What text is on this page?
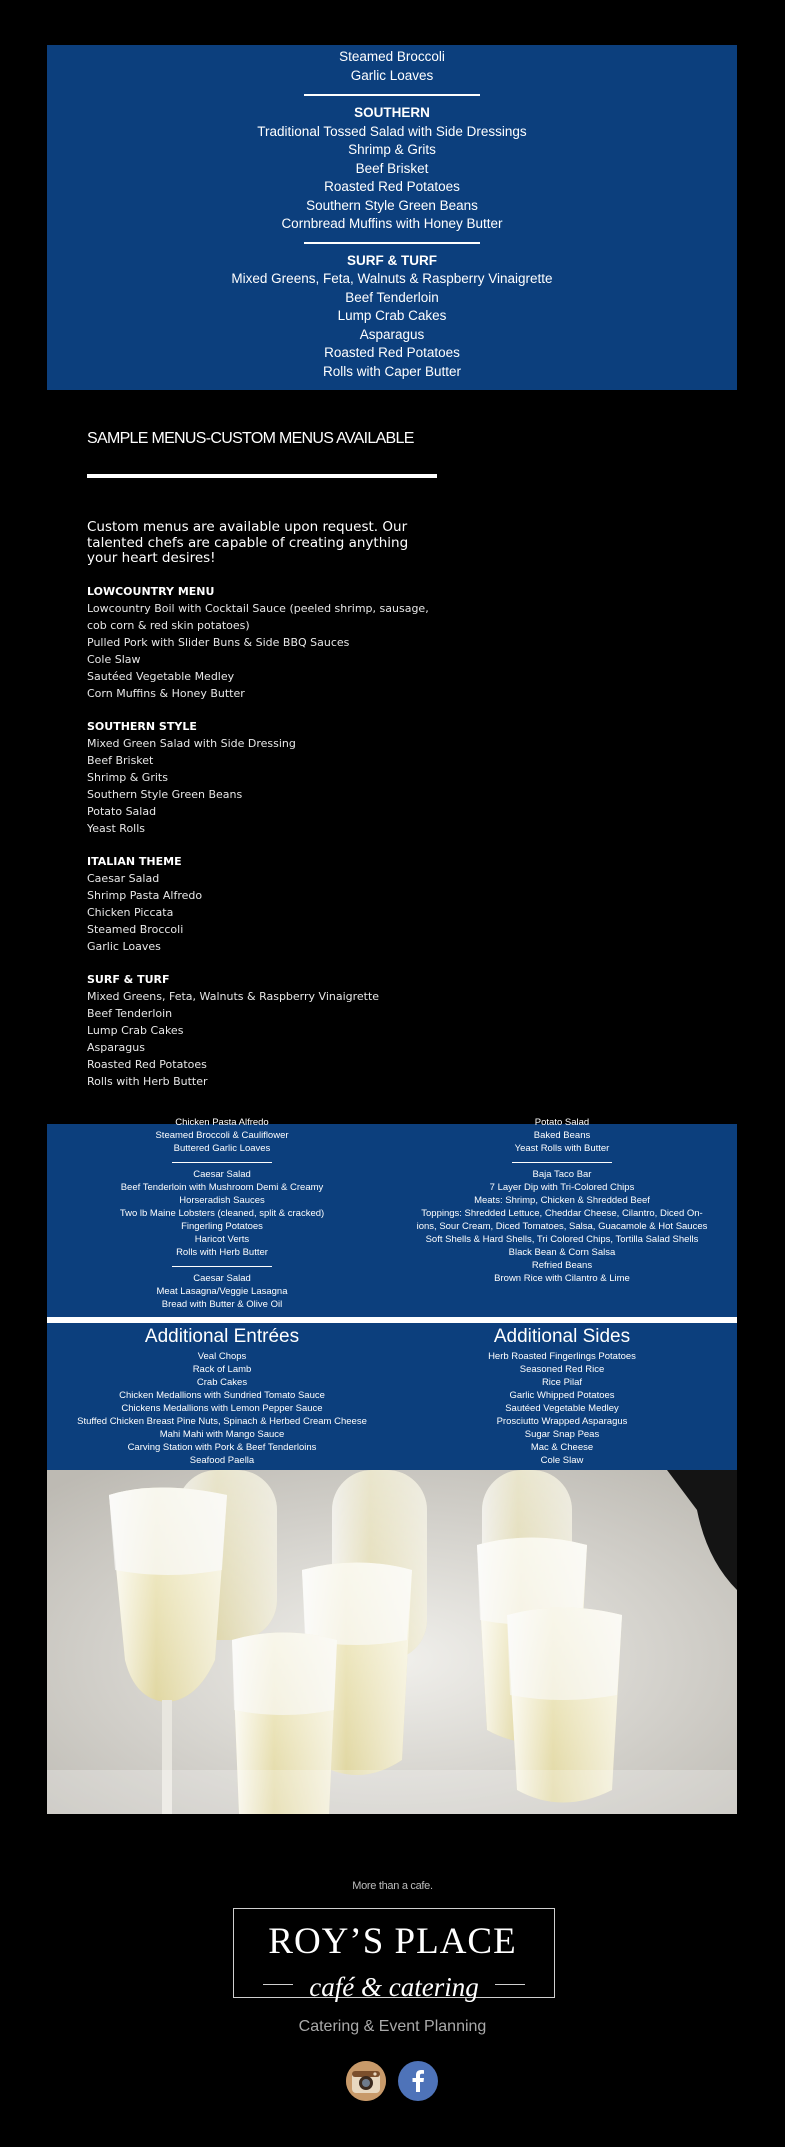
Steamed Broccoli
Garlic Loaves
SOUTHERN
Traditional Tossed Salad with Side Dressings
Shrimp & Grits
Beef Brisket
Roasted Red Potatoes
Southern Style Green Beans
Cornbread Muffins with Honey Butter
SURF & TURF
Mixed Greens, Feta, Walnuts & Raspberry Vinaigrette
Beef Tenderloin
Lump Crab Cakes
Asparagus
Roasted Red Potatoes
Rolls with Caper Butter
SAMPLE MENUS-CUSTOM MENUS AVAILABLE
Custom menus are available upon request. Our talented chefs are capable of creating anything your heart desires!
LOWCOUNTRY MENU
Lowcountry Boil with Cocktail Sauce (peeled shrimp, sausage, cob corn & red skin potatoes)
Pulled Pork with Slider Buns & Side BBQ Sauces
Cole Slaw
Sautéed Vegetable Medley
Corn Muffins & Honey Butter
SOUTHERN STYLE
Mixed Green Salad with Side Dressing
Beef Brisket
Shrimp & Grits
Southern Style Green Beans
Potato Salad
Yeast Rolls
ITALIAN THEME
Caesar Salad
Shrimp Pasta Alfredo
Chicken Piccata
Steamed Broccoli
Garlic Loaves
SURF & TURF
Mixed Greens, Feta, Walnuts & Raspberry Vinaigrette
Beef Tenderloin
Lump Crab Cakes
Asparagus
Roasted Red Potatoes
Rolls with Herb Butter
Chicken Pasta Alfredo
Steamed Broccoli & Cauliflower
Buttered Garlic Loaves
Caesar Salad
Beef Tenderloin with Mushroom Demi & Creamy
Horseradish Sauces
Two lb Maine Lobsters (cleaned, split & cracked)
Fingerling Potatoes
Haricot Verts
Rolls with Herb Butter
Caesar Salad
Meat Lasagna/Veggie Lasagna
Bread with Butter & Olive Oil
Potato Salad
Baked Beans
Yeast Rolls with Butter
Baja Taco Bar
7 Layer Dip with Tri-Colored Chips
Meats: Shrimp, Chicken & Shredded Beef
Toppings: Shredded Lettuce, Cheddar Cheese, Cilantro, Diced On-
ions, Sour Cream, Diced Tomatoes, Salsa, Guacamole & Hot Sauces
Soft Shells & Hard Shells, Tri Colored Chips, Tortilla Salad Shells
Black Bean & Corn Salsa
Refried Beans
Brown Rice with Cilantro & Lime
Additional Entrées
Veal Chops
Rack of Lamb
Crab Cakes
Chicken Medallions with Sundried Tomato Sauce
Chickens Medallions with Lemon Pepper Sauce
Stuffed Chicken Breast Pine Nuts, Spinach & Herbed Cream Cheese
Mahi Mahi with Mango Sauce
Carving Station with Pork & Beef Tenderloins
Seafood Paella
Additional Sides
Herb Roasted Fingerlings Potatoes
Seasoned Red Rice
Rice Pilaf
Garlic Whipped Potatoes
Sautéed Vegetable Medley
Prosciutto Wrapped Asparagus
Sugar Snap Peas
Mac & Cheese
Cole Slaw
More than a cafe.
ROY’S PLACE
café & catering
Catering & Event Planning
